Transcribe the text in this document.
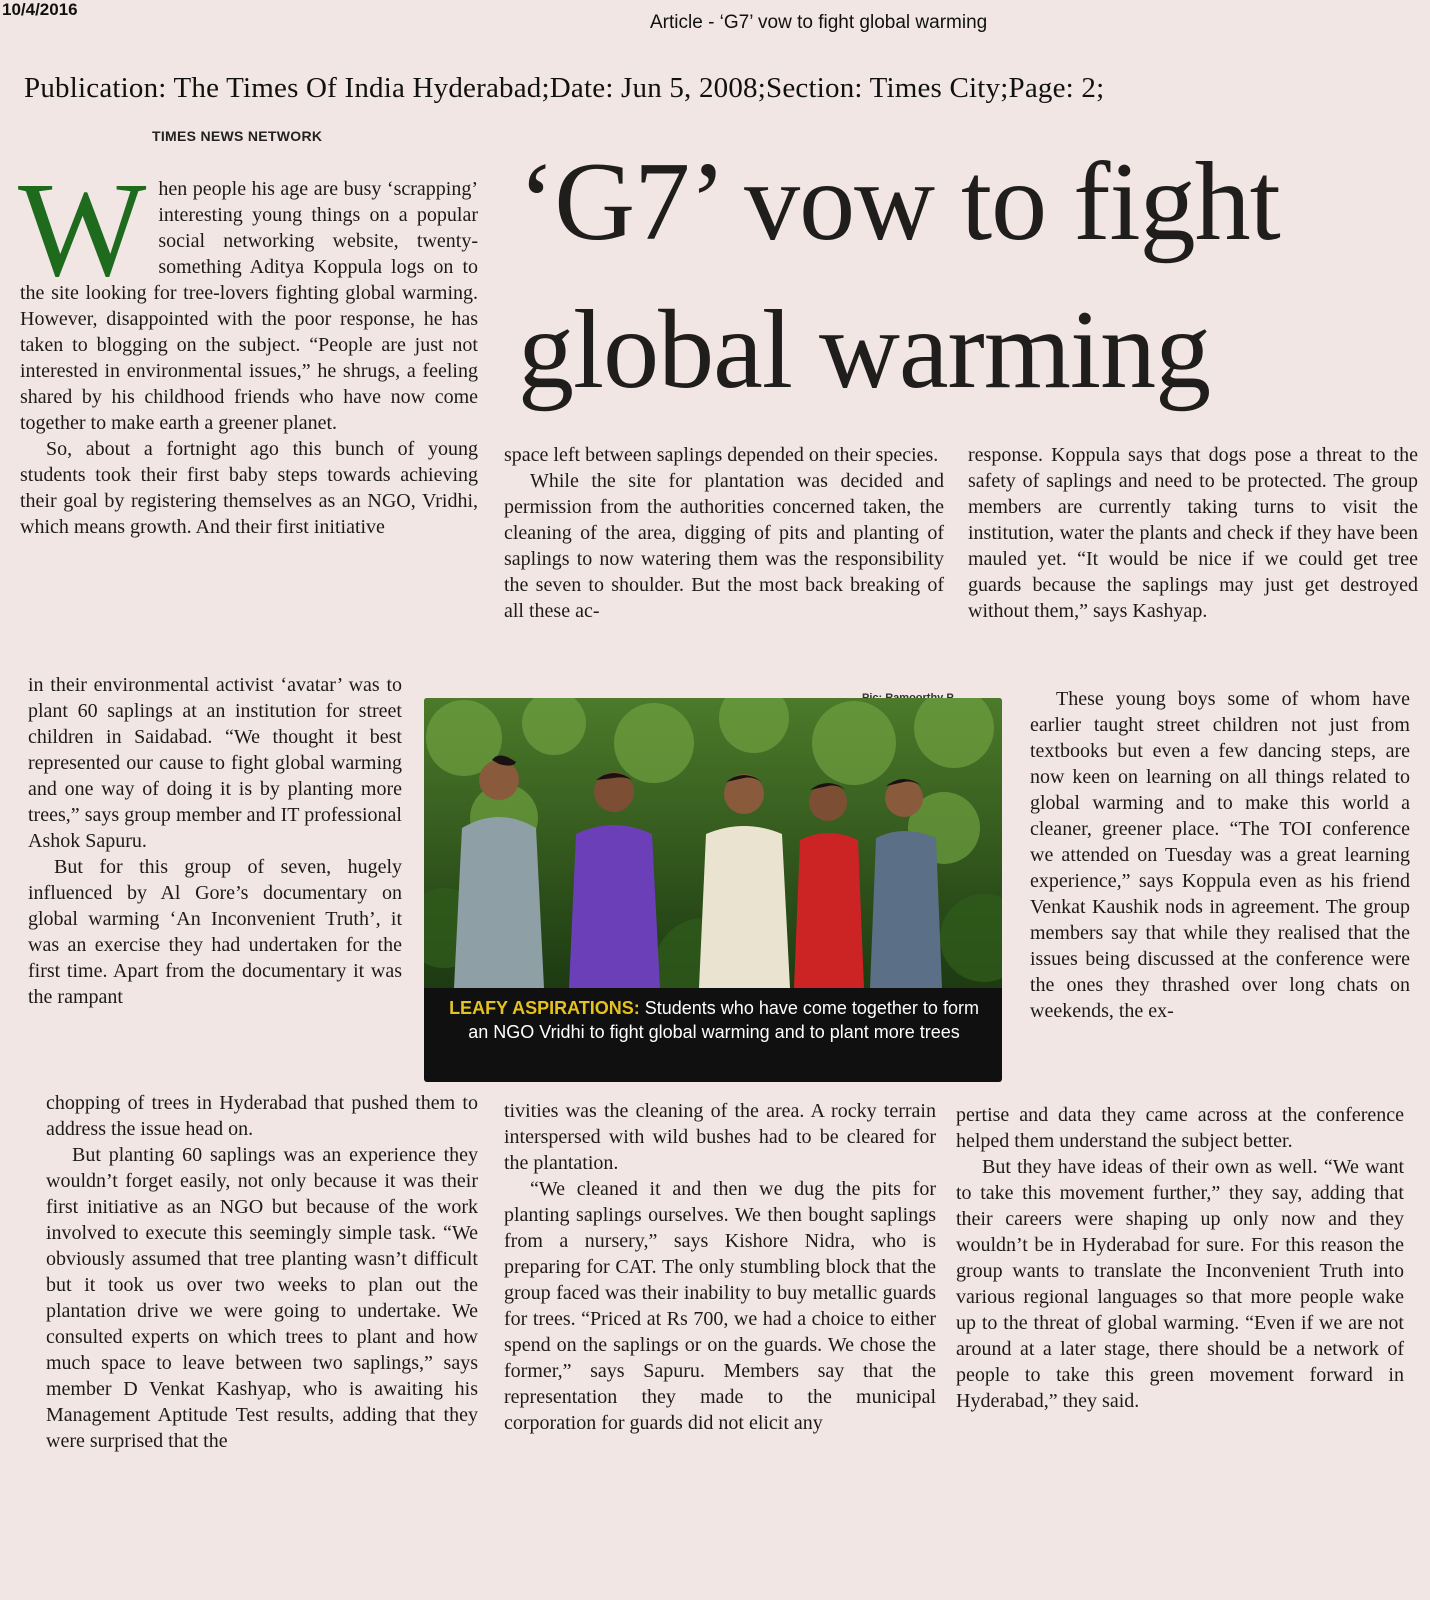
10/4/2016
Article - ‘G7’ vow to fight global warming
Publication: The Times Of India Hyderabad;Date: Jun 5, 2008;Section: Times City;Page: 2;
TIMES NEWS NETWORK
‘G7’ vow to fight global warming
W hen people his age are busy ‘scrapping’ interesting young things on a popular social networking website, twenty-something Aditya Koppula logs on to the site looking for tree-lovers fighting global warming. However, disappointed with the poor response, he has taken to blogging on the subject. “People are just not interested in environmental issues,” he shrugs, a feeling shared by his childhood friends who have now come together to make earth a greener planet.

So, about a fortnight ago this bunch of young students took their first baby steps towards achieving their goal by registering themselves as an NGO, Vridhi, which means growth. And their first initiative

in their environmental activist ‘avatar’ was to plant 60 saplings at an institution for street children in Saidabad. “We thought it best represented our cause to fight global warming and one way of doing it is by planting more trees,” says group member and IT professional Ashok Sapuru.

But for this group of seven, hugely influenced by Al Gore’s documentary on global warming ‘An Inconvenient Truth’, it was an exercise they had undertaken for the first time. Apart from the documentary it was the rampant

chopping of trees in Hyderabad that pushed them to address the issue head on.

But planting 60 saplings was an experience they wouldn’t forget easily, not only because it was their first initiative as an NGO but because of the work involved to execute this seemingly simple task. “We obviously assumed that tree planting wasn’t difficult but it took us over two weeks to plan out the plantation drive we were going to undertake. We consulted experts on which trees to plant and how much space to leave between two saplings,” says member D Venkat Kashyap, who is awaiting his Management Aptitude Test results, adding that they were surprised that the

space left between saplings depended on their species.

While the site for plantation was decided and permission from the authorities concerned taken, the cleaning of the area, digging of pits and planting of saplings to now watering them was the responsibility the seven to shoulder. But the most back breaking of all these ac-

tivities was the cleaning of the area. A rocky terrain interspersed with wild bushes had to be cleared for the plantation.

“We cleaned it and then we dug the pits for planting saplings ourselves. We then bought saplings from a nursery,” says Kishore Nidra, who is preparing for CAT. The only stumbling block that the group faced was their inability to buy metallic guards for trees. “Priced at Rs 700, we had a choice to either spend on the saplings or on the guards. We chose the former,” says Sapuru. Members say that the representation they made to the municipal corporation for guards did not elicit any

response. Koppula says that dogs pose a threat to the safety of saplings and need to be protected. The group members are currently taking turns to visit the institution, water the plants and check if they have been mauled yet. “It would be nice if we could get tree guards because the saplings may just get destroyed without them,” says Kashyap.

These young boys some of whom have earlier taught street children not just from textbooks but even a few dancing steps, are now keen on learning on all things related to global warming and to make this world a cleaner, greener place. “The TOI conference we attended on Tuesday was a great learning experience,” says Koppula even as his friend Venkat Kaushik nods in agreement. The group members say that while they realised that the issues being discussed at the conference were the ones they thrashed over long chats on weekends, the ex-

pertise and data they came across at the conference helped them understand the subject better.

But they have ideas of their own as well. “We want to take this movement further,” they say, adding that their careers were shaping up only now and they wouldn’t be in Hyderabad for sure. For this reason the group wants to translate the Inconvenient Truth into various regional languages so that more people wake up to the threat of global warming. “Even if we are not around at a later stage, there should be a network of people to take this green movement forward in Hyderabad,” they said.

LEAFY ASPIRATIONS: Students who have come together to form an NGO Vridhi to fight global warming and to plant more trees
